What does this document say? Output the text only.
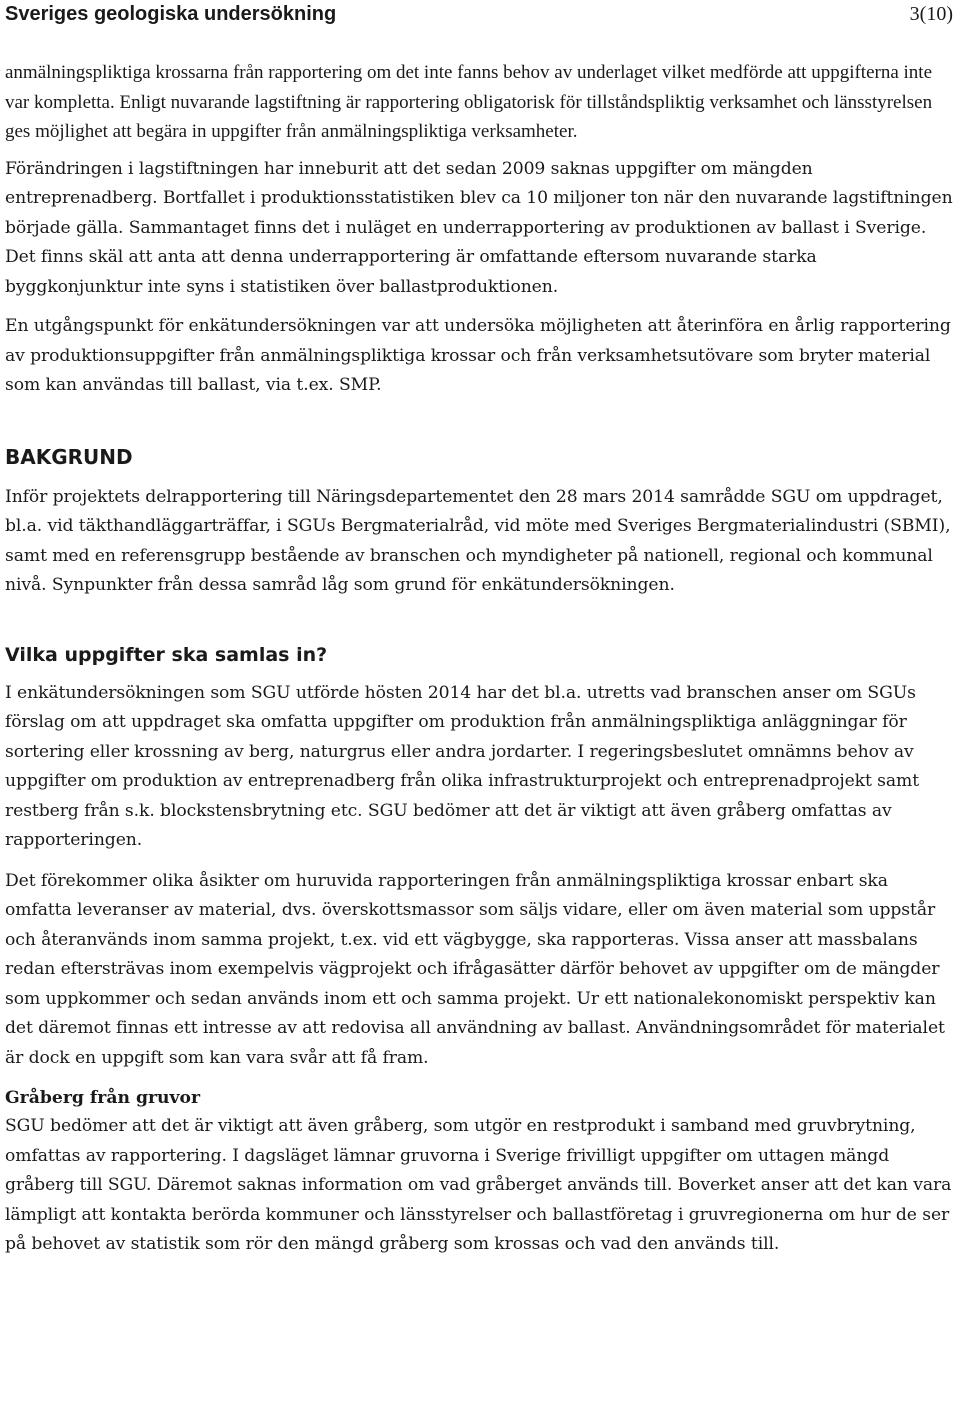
Sveriges geologiska undersökning	3(10)

anmälningspliktiga krossarna från rapportering om det inte fanns behov av underlaget vilket medförde att uppgifterna inte var kompletta. Enligt nuvarande lagstiftning är rapportering obligatorisk för tillståndspliktig verksamhet och länsstyrelsen ges möjlighet att begära in uppgifter från anmälningspliktiga verksamheter.

Förändringen i lagstiftningen har inneburit att det sedan 2009 saknas uppgifter om mängden entreprenadberg. Bortfallet i produktionsstatistiken blev ca 10 miljoner ton när den nuvarande lagstiftningen började gälla. Sammantaget finns det i nuläget en underrapportering av produktionen av ballast i Sverige. Det finns skäl att anta att denna underrapportering är omfattande eftersom nuvarande starka byggkonjunktur inte syns i statistiken över ballastproduktionen.

En utgångspunkt för enkätundersökningen var att undersöka möjligheten att återinföra en årlig rapportering av produktionsuppgifter från anmälningspliktiga krossar och från verksamhetsutövare som bryter material som kan användas till ballast, via t.ex. SMP.

BAKGRUND

Inför projektets delrapportering till Näringsdepartementet den 28 mars 2014 samrådde SGU om uppdraget, bl.a. vid täkthandläggarträffar, i SGUs Bergmaterialråd, vid möte med Sveriges Bergmaterialindustri (SBMI), samt med en referensgrupp bestående av branschen och myndigheter på nationell, regional och kommunal nivå. Synpunkter från dessa samråd låg som grund för enkätundersökningen.

Vilka uppgifter ska samlas in?

I enkätundersökningen som SGU utförde hösten 2014 har det bl.a. utretts vad branschen anser om SGUs förslag om att uppdraget ska omfatta uppgifter om produktion från anmälningspliktiga anläggningar för sortering eller krossning av berg, naturgrus eller andra jordarter. I regeringsbeslutet omnämns behov av uppgifter om produktion av entreprenadberg från olika infrastrukturprojekt och entreprenadprojekt samt restberg från s.k. blockstensbrytning etc. SGU bedömer att det är viktigt att även gråberg omfattas av rapporteringen.

Det förekommer olika åsikter om huruvida rapporteringen från anmälningspliktiga krossar enbart ska omfatta leveranser av material, dvs. överskottsmassor som säljs vidare, eller om även material som uppstår och återanvänds inom samma projekt, t.ex. vid ett vägbygge, ska rapporteras. Vissa anser att massbalans redan eftersträvas inom exempelvis vägprojekt och ifrågasätter därför behovet av uppgifter om de mängder som uppkommer och sedan används inom ett och samma projekt. Ur ett nationalekonomiskt perspektiv kan det däremot finnas ett intresse av att redovisa all användning av ballast. Användningsområdet för materialet är dock en uppgift som kan vara svår att få fram.

Gråberg från gruvor

SGU bedömer att det är viktigt att även gråberg, som utgör en restprodukt i samband med gruvbrytning, omfattas av rapportering. I dagsläget lämnar gruvorna i Sverige frivilligt uppgifter om uttagen mängd gråberg till SGU. Däremot saknas information om vad gråberget används till. Boverket anser att det kan vara lämpligt att kontakta berörda kommuner och länsstyrelser och ballastföretag i gruvregionerna om hur de ser på behovet av statistik som rör den mängd gråberg som krossas och vad den används till.
